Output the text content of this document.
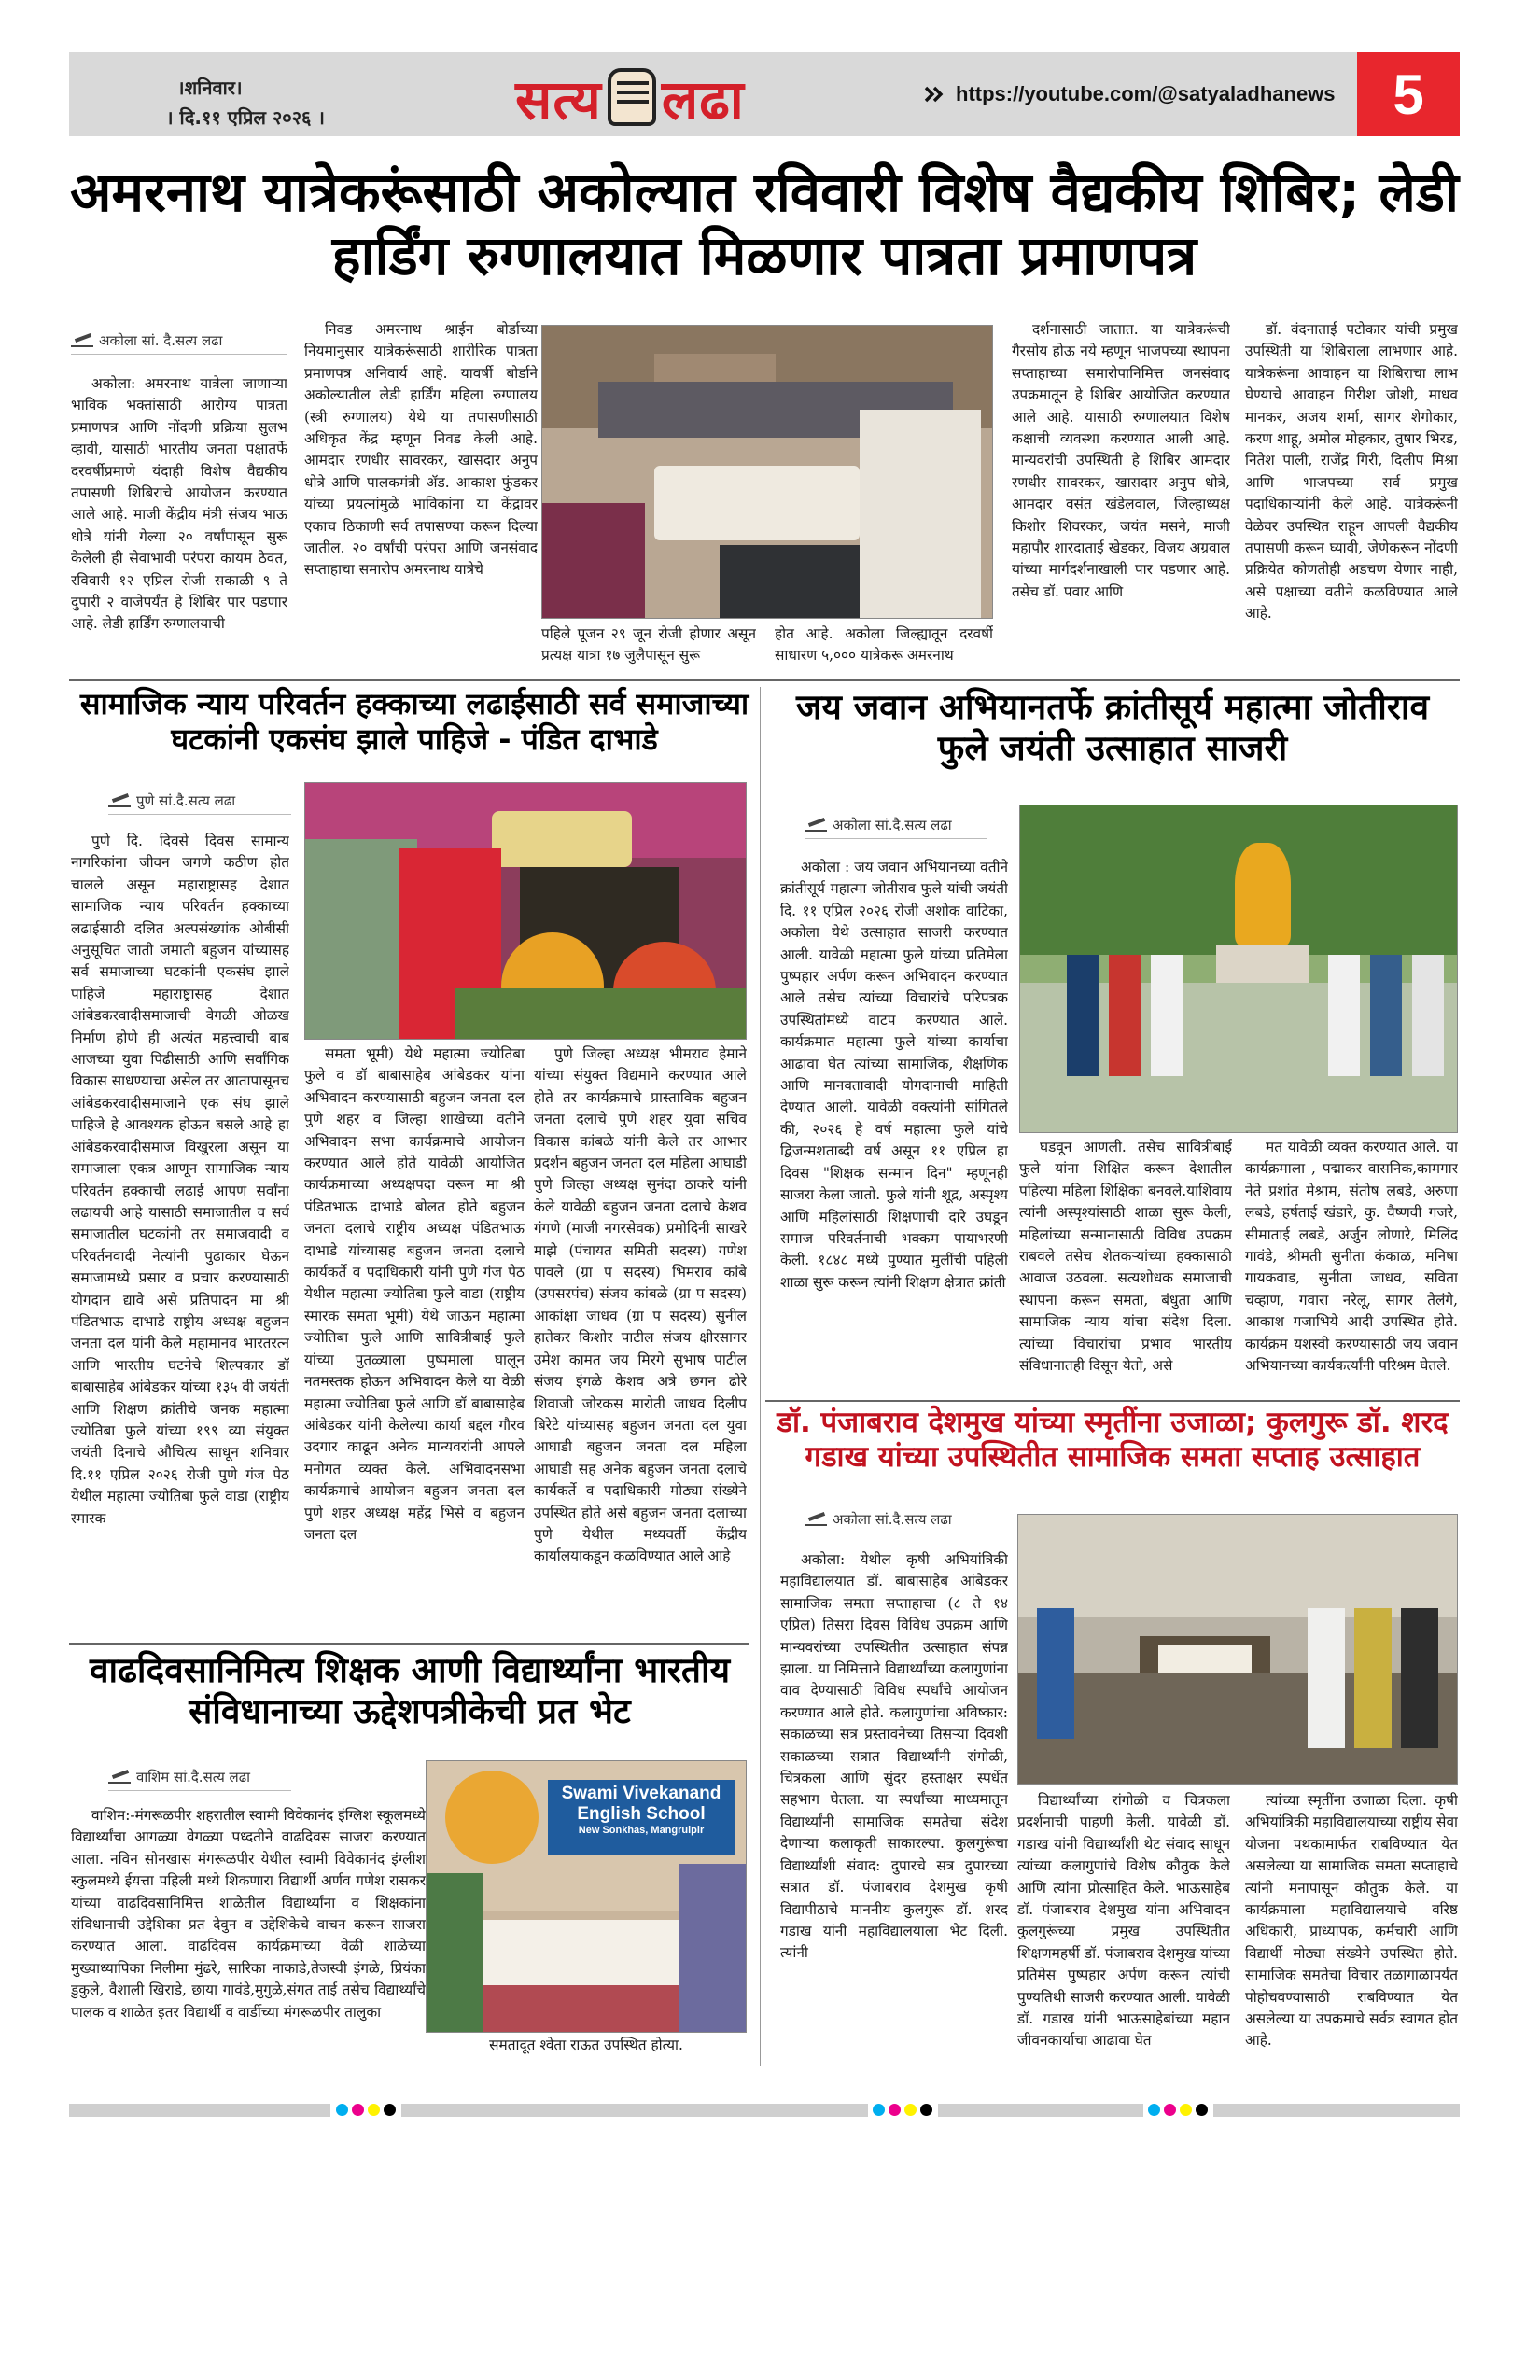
।शनिवार।
। दि.११ एप्रिल २०२६ ।	सत्य लढा	https://youtube.com/@satyaladhanews	5
अमरनाथ यात्रेकरूंसाठी अकोल्यात रविवारी विशेष वैद्यकीय शिबिर; लेडी हार्डिंग रुग्णालयात मिळणार पात्रता प्रमाणपत्र
अकोला सां. दै.सत्य लढा

अकोला: अमरनाथ यात्रेला जाणाऱ्या भाविक भक्तांसाठी आरोग्य पात्रता प्रमाणपत्र आणि नोंदणी प्रक्रिया सुलभ व्हावी, यासाठी भारतीय जनता पक्षातर्फे दरवर्षीप्रमाणे यंदाही विशेष वैद्यकीय तपासणी शिबिराचे आयोजन करण्यात आले आहे. माजी केंद्रीय मंत्री संजय भाऊ धोत्रे यांनी गेल्या २० वर्षांपासून सुरू केलेली ही सेवाभावी परंपरा कायम ठेवत, रविवारी १२ एप्रिल रोजी सकाळी ९ ते दुपारी २ वाजेपर्यंत हे शिबिर पार पडणार आहे. लेडी हार्डिंग रुग्णालयाची

निवड अमरनाथ श्राईन बोर्डाच्या नियमानुसार यात्रेकरूंसाठी शारीरिक पात्रता प्रमाणपत्र अनिवार्य आहे. यावर्षी बोर्डाने अकोल्यातील लेडी हार्डिंग महिला रुग्णालय (स्त्री रुग्णालय) येथे या तपासणीसाठी अधिकृत केंद्र म्हणून निवड केली आहे. आमदार रणधीर सावरकर, खासदार अनुप धोत्रे आणि पालकमंत्री ॲड. आकाश फुंडकर यांच्या प्रयत्नांमुळे भाविकांना या केंद्रावर एकाच ठिकाणी सर्व तपासण्या करून दिल्या जातील. २० वर्षांची परंपरा आणि जनसंवाद सप्ताहाचा समारोप अमरनाथ यात्रेचे

पहिले पूजन २९ जून रोजी होणार असून प्रत्यक्ष यात्रा १७ जुलैपासून सुरू

होत आहे. अकोला जिल्ह्यातून दरवर्षी साधारण ५,००० यात्रेकरू अमरनाथ

दर्शनासाठी जातात. या यात्रेकरूंची गैरसोय होऊ नये म्हणून भाजपच्या स्थापना सप्ताहाच्या समारोपानिमित्त जनसंवाद उपक्रमातून हे शिबिर आयोजित करण्यात आले आहे. यासाठी रुग्णालयात विशेष कक्षाची व्यवस्था करण्यात आली आहे. मान्यवरांची उपस्थिती हे शिबिर आमदार रणधीर सावरकर, खासदार अनुप धोत्रे, आमदार वसंत खंडेलवाल, जिल्हाध्यक्ष किशोर शिवरकर, जयंत मसने, माजी महापौर शारदाताई खेडकर, विजय अग्रवाल यांच्या मार्गदर्शनाखाली पार पडणार आहे. तसेच डॉ. पवार आणि

डॉ. वंदनाताई पटोकार यांची प्रमुख उपस्थिती या शिबिराला लाभणार आहे. यात्रेकरूंना आवाहन या शिबिराचा लाभ घेण्याचे आवाहन गिरीश जोशी, माधव मानकर, अजय शर्मा, सागर शेगोकार, करण शाहू, अमोल मोहकार, तुषार भिरड, नितेश पाली, राजेंद्र गिरी, दिलीप मिश्रा आणि भाजपच्या सर्व प्रमुख पदाधिकाऱ्यांनी केले आहे. यात्रेकरूंनी वेळेवर उपस्थित राहून आपली वैद्यकीय तपासणी करून घ्यावी, जेणेकरून नोंदणी प्रक्रियेत कोणतीही अडचण येणार नाही, असे पक्षाच्या वतीने कळविण्यात आले आहे.

सामाजिक न्याय परिवर्तन हक्काच्या लढाईसाठी सर्व समाजाच्या घटकांनी एकसंघ झाले पाहिजे - पंडित दाभाडे
पुणे सां.दै.सत्य लढा

पुणे दि. दिवसे दिवस सामान्य नागरिकांना जीवन जगणे कठीण होत चालले असून महाराष्ट्रासह देशात सामाजिक न्याय परिवर्तन हक्काच्या लढाईसाठी दलित अल्पसंख्यांक ओबीसी अनुसूचित जाती जमाती बहुजन यांच्यासह सर्व समाजाच्या घटकांनी एकसंघ झाले पाहिजे महाराष्ट्रासह देशात आंबेडकरवादीसमाजाची वेगळी ओळख निर्माण होणे ही अत्यंत महत्त्वाची बाब आजच्या युवा पिढीसाठी आणि सर्वांगिक विकास साधण्याचा असेल तर आतापासूनच आंबेडकरवादीसमाजाने एक संघ झाले पाहिजे हे आवश्यक होऊन बसले आहे हा आंबेडकरवादीसमाज विखुरला असून या समाजाला एकत्र आणून सामाजिक न्याय परिवर्तन हक्काची लढाई आपण सर्वांना लढायची आहे यासाठी समाजातील व सर्व समाजातील घटकांनी तर समाजवादी व परिवर्तनवादी नेत्यांनी पुढाकार घेऊन समाजामध्ये प्रसार व प्रचार करण्यासाठी योगदान द्यावे असे प्रतिपादन मा श्री पंडितभाऊ दाभाडे राष्ट्रीय अध्यक्ष बहुजन जनता दल यांनी केले महामानव भारतरत्न आणि भारतीय घटनेचे शिल्पकार डॉ बाबासाहेब आंबेडकर यांच्या १३५ वी जयंती आणि शिक्षण क्रांतीचे जनक महात्मा ज्योतिबा फुले यांच्या १९९ व्या संयुक्त जयंती दिनाचे औचित्य साधून शनिवार दि.११ एप्रिल २०२६ रोजी पुणे गंज पेठ येथील महात्मा ज्योतिबा फुले वाडा (राष्ट्रीय स्मारक

समता भूमी) येथे महात्मा ज्योतिबा फुले व डॉ बाबासाहेब आंबेडकर यांना अभिवादन करण्यासाठी बहुजन जनता दल पुणे शहर व जिल्हा शाखेच्या वतीने अभिवादन सभा कार्यक्रमाचे आयोजन करण्यात आले होते यावेळी आयोजित कार्यक्रमाच्या अध्यक्षपदा वरून मा श्री पंडितभाऊ दाभाडे बोलत होते बहुजन जनता दलाचे राष्ट्रीय अध्यक्ष पंडितभाऊ दाभाडे यांच्यासह बहुजन जनता दलाचे कार्यकर्ते व पदाधिकारी यांनी पुणे गंज पेठ येथील महात्मा ज्योतिबा फुले वाडा (राष्ट्रीय स्मारक समता भूमी) येथे जाऊन महात्मा ज्योतिबा फुले आणि सावित्रीबाई फुले यांच्या पुतळ्याला पुष्पमाला घालून नतमस्तक होऊन अभिवादन केले या वेळी महात्मा ज्योतिबा फुले आणि डॉ बाबासाहेब आंबेडकर यांनी केलेल्या कार्या बद्दल गौरव उदगार काढून अनेक मान्यवरांनी आपले मनोगत व्यक्त केले. अभिवादनसभा कार्यक्रमाचे आयोजन बहुजन जनता दल पुणे शहर अध्यक्ष महेंद्र भिसे व बहुजन जनता दल

पुणे जिल्हा अध्यक्ष भीमराव हेमाने यांच्या संयुक्त विद्यमाने करण्यात आले होते तर कार्यक्रमाचे प्रास्ताविक बहुजन जनता दलाचे पुणे शहर युवा सचिव विकास कांबळे यांनी केले तर आभार प्रदर्शन बहुजन जनता दल महिला आघाडी पुणे जिल्हा अध्यक्ष सुनंदा ठाकरे यांनी केले यावेळी बहुजन जनता दलाचे केशव गंगणे (माजी नगरसेवक) प्रमोदिनी साखरे माझे (पंचायत समिती सदस्य) गणेश पावले (ग्रा प सदस्य) भिमराव कांबे (उपसरपंच) संजय कांबळे (ग्रा प सदस्य) आकांक्षा जाधव (ग्रा प सदस्य) सुनील हातेकर किशोर पाटील संजय क्षीरसागर उमेश कामत जय मिरगे सुभाष पाटील संजय इंगळे केशव अत्रे छगन ढोरे शिवाजी जोरकस मारोती जाधव दिलीप बिरेटे यांच्यासह बहुजन जनता दल युवा आघाडी बहुजन जनता दल महिला आघाडी सह अनेक बहुजन जनता दलाचे कार्यकर्ते व पदाधिकारी मोठ्या संख्येने उपस्थित होते असे बहुजन जनता दलाच्या पुणे येथील मध्यवर्ती केंद्रीय कार्यालयाकडून कळविण्यात आले आहे

वाढदिवसानिमित्य शिक्षक आणी विद्यार्थ्यांना भारतीय संविधानाच्या ऊद्देशपत्रीकेची प्रत भेट
वाशिम सां.दै.सत्य लढा

वाशिम:-मंगरूळपीर शहरातील स्वामी विवेकानंद इंग्लिश स्कूलमध्ये विद्यार्थ्यांचा आगळ्या वेगळ्या पध्दतीने वाढदिवस साजरा करण्यात आला. नविन सोनखास मंगरूळपीर येथील स्वामी विवेकानंद इंग्लीश स्कुलमध्ये ईयत्ता पहिली मध्ये शिकणारा विद्यार्थी अर्णव गणेश रासकर यांच्या वाढदिवसानिमित्त शाळेतील विद्यार्थ्यांना व शिक्षकांना संविधानाची उद्देशिका प्रत देवुन व उद्देशिकेचे वाचन करून साजरा करण्यात आला. वाढदिवस कार्यक्रमाच्या वेळी शाळेच्या मुख्याध्यापिका निलीमा मुंढरे, सारिका नाकाडे,तेजस्वी इंगळे, प्रियंका डुकुले, वैशाली खिराडे, छाया गावंडे,मुगुळे,संगत ताई तसेच विद्यार्थ्यांचे पालक व शाळेत इतर विद्यार्थी व वार्डीच्या मंगरूळपीर तालुका

Swami Vivekanand
English School
New Sonkhas, Mangrulpir

समतादूत श्वेता राऊत उपस्थित होत्या.

जय जवान अभियानतर्फे क्रांतीसूर्य महात्मा जोतीराव फुले जयंती उत्साहात साजरी
अकोला सां.दै.सत्य लढा

अकोला : जय जवान अभियानच्या वतीने क्रांतीसूर्य महात्मा जोतीराव फुले यांची जयंती दि. ११ एप्रिल २०२६ रोजी अशोक वाटिका, अकोला येथे उत्साहात साजरी करण्यात आली. यावेळी महात्मा फुले यांच्या प्रतिमेला पुष्पहार अर्पण करून अभिवादन करण्यात आले तसेच त्यांच्या विचारांचे परिपत्रक उपस्थितांमध्ये वाटप करण्यात आले. कार्यक्रमात महात्मा फुले यांच्या कार्याचा आढावा घेत त्यांच्या सामाजिक, शैक्षणिक आणि मानवतावादी योगदानाची माहिती देण्यात आली. यावेळी वक्त्यांनी सांगितले की, २०२६ हे वर्ष महात्मा फुले यांचे द्विजन्मशताब्दी वर्ष असून ११ एप्रिल हा दिवस "शिक्षक सन्मान दिन" म्हणूनही साजरा केला जातो. फुले यांनी शूद्र, अस्पृश्य आणि महिलांसाठी शिक्षणाची दारे उघडून समाज परिवर्तनाची भक्कम पायाभरणी केली. १८४८ मध्ये पुण्यात मुलींची पहिली शाळा सुरू करून त्यांनी शिक्षण क्षेत्रात क्रांती

घडवून आणली. तसेच सावित्रीबाई फुले यांना शिक्षित करून देशातील पहिल्या महिला शिक्षिका बनवले.याशिवाय त्यांनी अस्पृश्यांसाठी शाळा सुरू केली, महिलांच्या सन्मानासाठी विविध उपक्रम राबवले तसेच शेतकऱ्यांच्या हक्कासाठी आवाज उठवला. सत्यशोधक समाजाची स्थापना करून समता, बंधुता आणि सामाजिक न्याय यांचा संदेश दिला. त्यांच्या विचारांचा प्रभाव भारतीय संविधानातही दिसून येतो, असे

मत यावेळी व्यक्त करण्यात आले. या कार्यक्रमाला , पद्माकर वासनिक,कामगार नेते प्रशांत मेश्राम, संतोष लबडे, अरुणा लबडे, हर्षताई खंडारे, कु. वैष्णवी गजरे, सीमाताई लबडे, अर्जुन लोणारे, मिलिंद गावंडे, श्रीमती सुनीता कंकाळ, मनिषा गायकवाड, सुनीता जाधव, सविता चव्हाण, गवारा नरेलू, सागर तेलंगे, आकाश गजाभिये आदी उपस्थित होते. कार्यक्रम यशस्वी करण्यासाठी जय जवान अभियानच्या कार्यकर्त्यांनी परिश्रम घेतले.

डॉ. पंजाबराव देशमुख यांच्या स्मृतींना उजाळा; कुलगुरू डॉ. शरद गडाख यांच्या उपस्थितीत सामाजिक समता सप्ताह उत्साहात
अकोला सां.दै.सत्य लढा

अकोला: येथील कृषी अभियांत्रिकी महाविद्यालयात डॉ. बाबासाहेब आंबेडकर सामाजिक समता सप्ताहाचा (८ ते १४ एप्रिल) तिसरा दिवस विविध उपक्रम आणि मान्यवरांच्या उपस्थितीत उत्साहात संपन्न झाला. या निमित्ताने विद्यार्थ्यांच्या कलागुणांना वाव देण्यासाठी विविध स्पर्धांचे आयोजन करण्यात आले होते. कलागुणांचा अविष्कार: सकाळच्या सत्र प्रस्तावनेच्या तिसऱ्या दिवशी सकाळच्या सत्रात विद्यार्थ्यांनी रांगोळी, चित्रकला आणि सुंदर हस्ताक्षर स्पर्धेत सहभाग घेतला. या स्पर्धांच्या माध्यमातून विद्यार्थ्यांनी सामाजिक समतेचा संदेश देणाऱ्या कलाकृती साकारल्या. कुलगुरूंचा विद्यार्थ्यांशी संवाद: दुपारचे सत्र दुपारच्या सत्रात डॉ. पंजाबराव देशमुख कृषी विद्यापीठाचे माननीय कुलगुरू डॉ. शरद गडाख यांनी महाविद्यालयाला भेट दिली. त्यांनी

विद्यार्थ्यांच्या रांगोळी व चित्रकला प्रदर्शनाची पाहणी केली. यावेळी डॉ. गडाख यांनी विद्यार्थ्यांशी थेट संवाद साधून त्यांच्या कलागुणांचे विशेष कौतुक केले आणि त्यांना प्रोत्साहित केले. भाऊसाहेब डॉ. पंजाबराव देशमुख यांना अभिवादन कुलगुरूंच्या प्रमुख उपस्थितीत शिक्षणमहर्षी डॉ. पंजाबराव देशमुख यांच्या प्रतिमेस पुष्पहार अर्पण करून त्यांची पुण्यतिथी साजरी करण्यात आली. यावेळी डॉ. गडाख यांनी भाऊसाहेबांच्या महान जीवनकार्याचा आढावा घेत

त्यांच्या स्मृतींना उजाळा दिला. कृषी अभियांत्रिकी महाविद्यालयाच्या राष्ट्रीय सेवा योजना पथकामार्फत राबविण्यात येत असलेल्या या सामाजिक समता सप्ताहाचे त्यांनी मनापासून कौतुक केले. या कार्यक्रमाला महाविद्यालयाचे वरिष्ठ अधिकारी, प्राध्यापक, कर्मचारी आणि विद्यार्थी मोठ्या संख्येने उपस्थित होते. सामाजिक समतेचा विचार तळागाळापर्यंत पोहोचवण्यासाठी राबविण्यात येत असलेल्या या उपक्रमाचे सर्वत्र स्वागत होत आहे.
